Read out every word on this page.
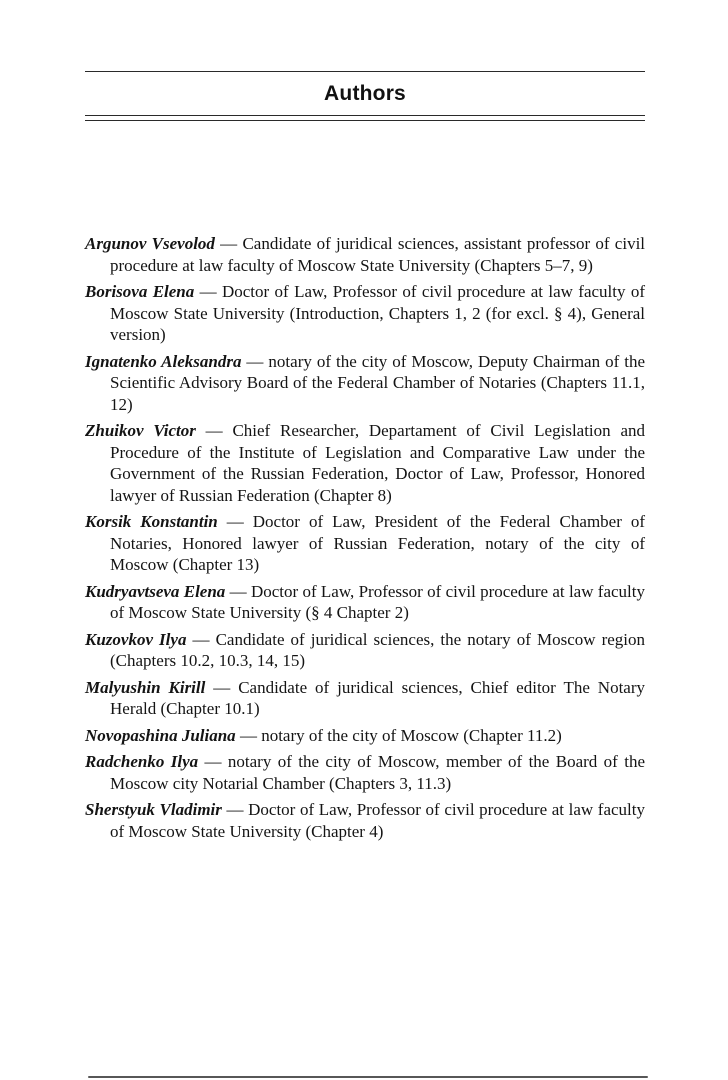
Authors

Argunov Vsevolod — Candidate of juridical sciences, assistant professor of civil procedure at law faculty of Moscow State University (Chapters 5–7, 9)

Borisova Elena — Doctor of Law, Professor of civil procedure at law faculty of Moscow State University (Introduction, Chapters 1, 2 (for excl. § 4), General version)

Ignatenko Aleksandra — notary of the city of Moscow, Deputy Chairman of the Scientific Advisory Board of the Federal Chamber of Notaries (Chapters 11.1, 12)

Zhuikov Victor — Chief Researcher, Departament of Civil Legislation and Procedure of the Institute of Legislation and Comparative Law under the Government of the Russian Federation, Doctor of Law, Professor, Honored lawyer of Russian Federation (Chapter 8)

Korsik Konstantin — Doctor of Law, President of the Federal Chamber of Notaries, Honored lawyer of Russian Federation, notary of the city of Moscow (Chapter 13)

Kudryavtseva Elena — Doctor of Law, Professor of civil procedure at law faculty of Moscow State University (§ 4 Chapter 2)

Kuzovkov Ilya — Candidate of juridical sciences, the notary of Moscow region (Chapters 10.2, 10.3, 14, 15)

Malyushin Kirill — Candidate of juridical sciences, Chief editor The Notary Herald (Chapter 10.1)

Novopashina Juliana — notary of the city of Moscow (Chapter 11.2)

Radchenko Ilya — notary of the city of Moscow, member of the Board of the Moscow city Notarial Chamber (Chapters 3, 11.3)

Sherstyuk Vladimir — Doctor of Law, Professor of civil procedure at law faculty of Moscow State University (Chapter 4)
